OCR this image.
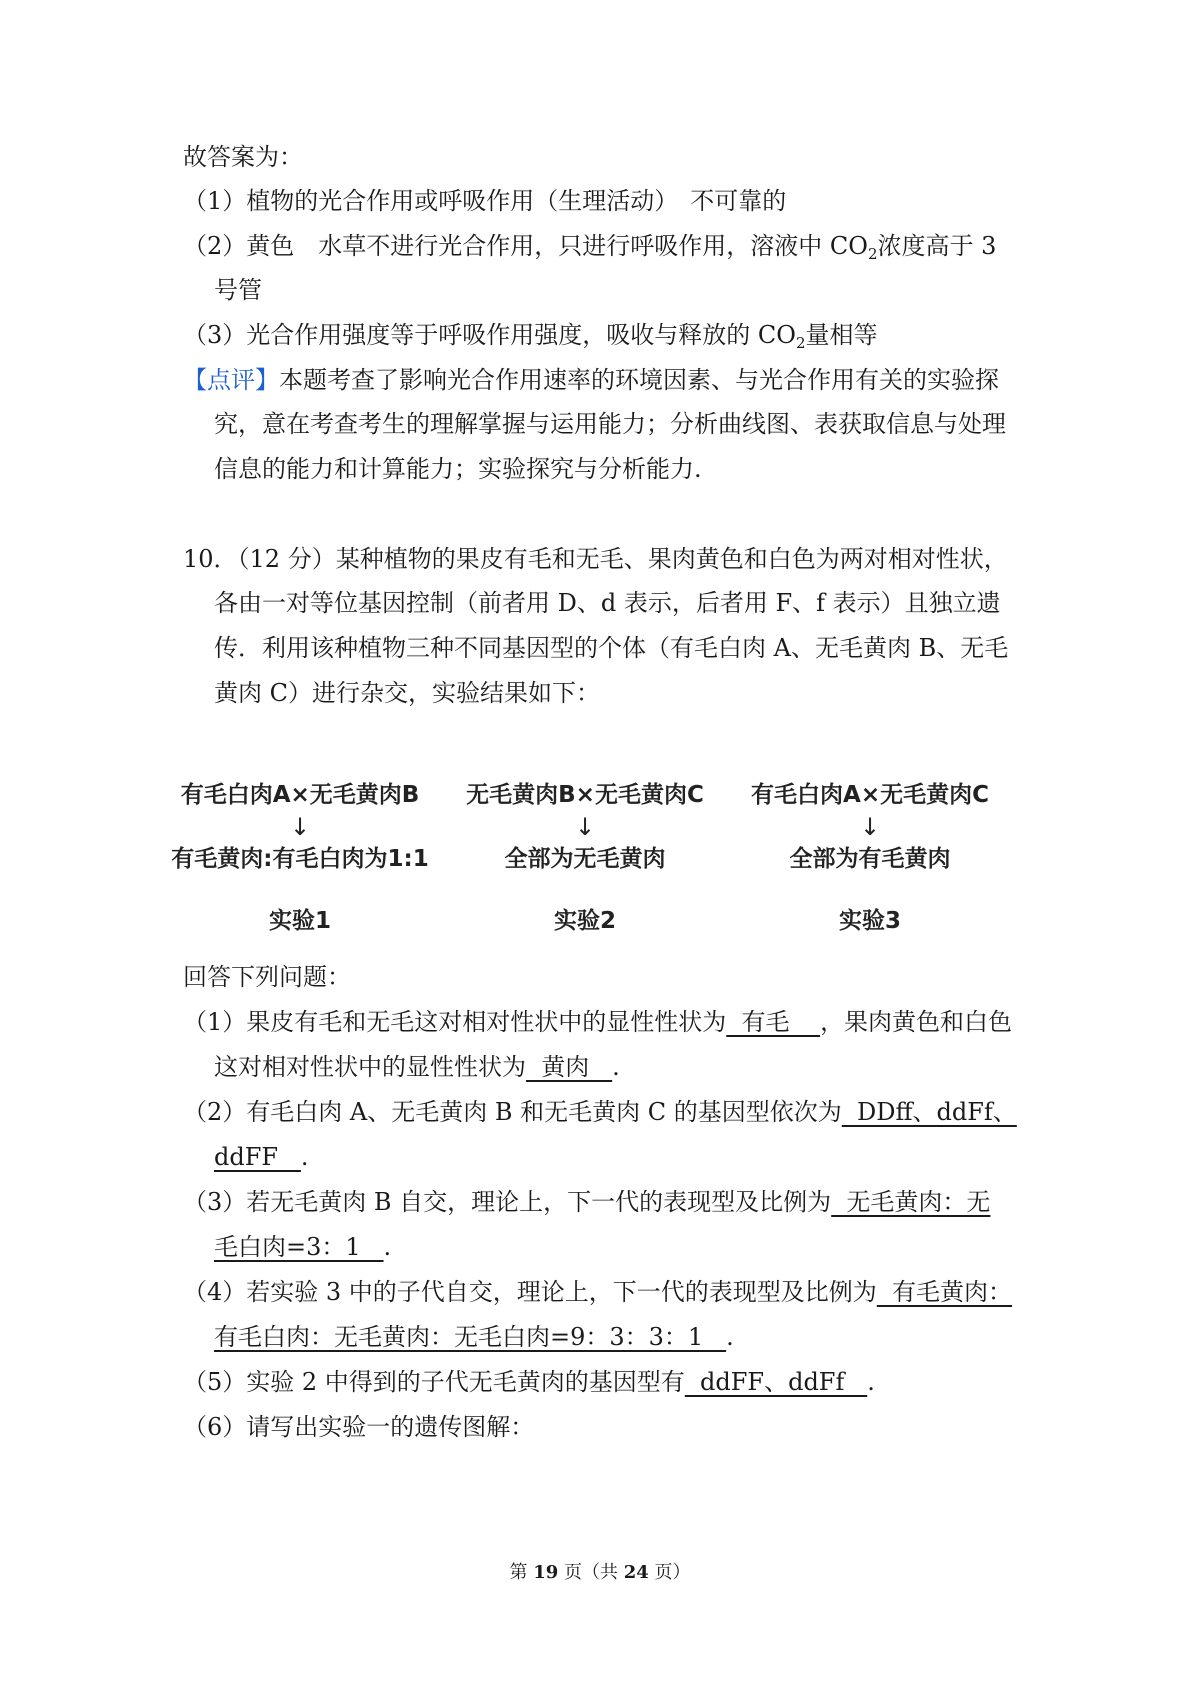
故答案为：
（1）植物的光合作用或呼吸作用（生理活动）　不可靠的
（2）黄色　水草不进行光合作用，只进行呼吸作用，溶液中 $CO_2$浓度高于 3
号管
（3）光合作用强度等于呼吸作用强度，吸收与释放的 $CO_2$量相等
【点评】本题考查了影响光合作用速率的环境因素、与光合作用有关的实验探
究，意在考查考生的理解掌握与运用能力；分析曲线图、表获取信息与处理
信息的能力和计算能力；实验探究与分析能力.
10．（12 分）某种植物的果皮有毛和无毛、果肉黄色和白色为两对相对性状，
各由一对等位基因控制（前者用 D、d 表示，后者用 F、f 表示）且独立遗
传．利用该种植物三种不同基因型的个体（有毛白肉 A、无毛黄肉 B、无毛
黄肉 C）进行杂交，实验结果如下：
有毛白肉A×无毛黄肉B
↓
有毛黄肉:有毛白肉为1:1
实验1
无毛黄肉B×无毛黄肉C
↓
全部为无毛黄肉
实验2
有毛白肉A×无毛黄肉C
↓
全部为有毛黄肉
实验3
回答下列问题：
（1）果皮有毛和无毛这对相对性状中的显性性状为  有毛    ，果肉黄色和白色
这对相对性状中的显性性状为  黄肉   .
（2）有毛白肉 A、无毛黄肉 B 和无毛黄肉 C 的基因型依次为  DDff、ddFf、
ddFF   .
（3）若无毛黄肉 B 自交，理论上，下一代的表现型及比例为  无毛黄肉：无
毛白肉=3：1   .
（4）若实验 3 中的子代自交，理论上，下一代的表现型及比例为  有毛黄肉：
有毛白肉：无毛黄肉：无毛白肉=9：3：3：1   .
（5）实验 2 中得到的子代无毛黄肉的基因型有  ddFF、ddFf   .
（6）请写出实验一的遗传图解：
第 19 页（共 24 页）
